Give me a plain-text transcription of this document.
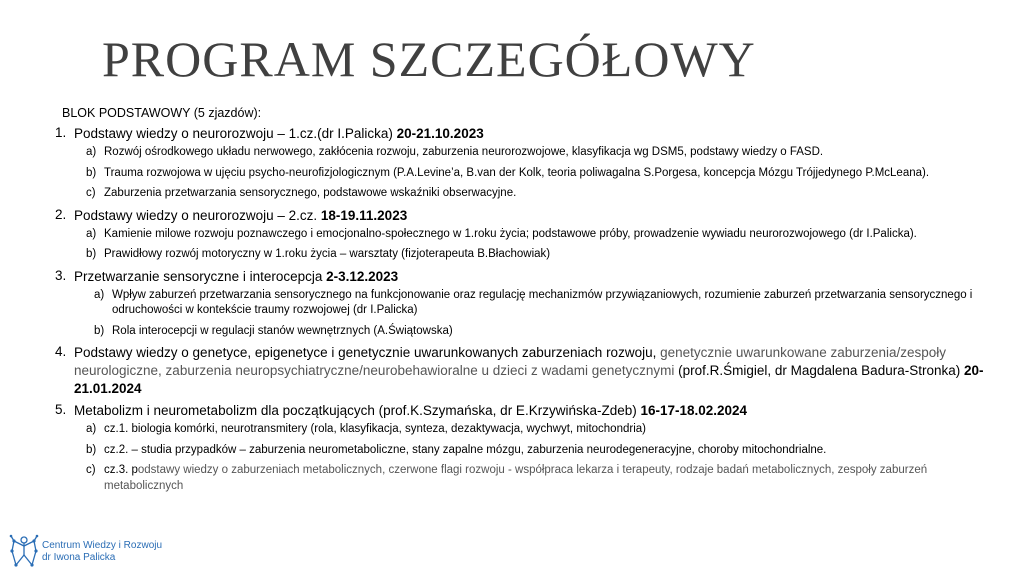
PROGRAM SZCZEGÓŁOWY
BLOK PODSTAWOWY (5 zjazdów):
1. Podstawy wiedzy o neurorozwoju – 1.cz.(dr I.Palicka) 20-21.10.2023
a) Rozwój ośrodkowego układu nerwowego, zakłócenia rozwoju, zaburzenia neurorozwojowe, klasyfikacja wg DSM5, podstawy wiedzy o FASD.
b) Trauma rozwojowa w ujęciu psycho-neurofizjologicznym (P.A.Levine’a, B.van der Kolk, teoria poliwagalna S.Porgesa, koncepcja Mózgu Trójjedynego P.McLeana).
c) Zaburzenia przetwarzania sensorycznego, podstawowe wskaźniki obserwacyjne.
2. Podstawy wiedzy o neurorozwoju – 2.cz. 18-19.11.2023
a) Kamienie milowe rozwoju poznawczego i emocjonalno-społecznego w 1.roku życia; podstawowe próby, prowadzenie wywiadu neurorozwojowego (dr I.Palicka).
b) Prawidłowy rozwój motoryczny w 1.roku życia – warsztaty (fizjoterapeuta B.Błachowiak)
3. Przetwarzanie sensoryczne i interocepcja 2-3.12.2023
a) Wpływ zaburzeń przetwarzania sensorycznego na funkcjonowanie oraz regulację mechanizmów przywiązaniowych, rozumienie zaburzeń przetwarzania sensorycznego i odruchowości w kontekście traumy rozwojowej (dr I.Palicka)
b) Rola interocepcji w regulacji stanów wewnętrznych (A.Świątowska)
4. Podstawy wiedzy o genetyce, epigenetyce i genetycznie uwarunkowanych zaburzeniach rozwoju, genetycznie uwarunkowane zaburzenia/zespoły neurologiczne, zaburzenia neuropsychiatryczne/neurobehawioralne u dzieci z wadami genetycznymi (prof.R.Śmigiel, dr Magdalena Badura-Stronka) 20-21.01.2024
5. Metabolizm i neurometabolizm dla początkujących (prof.K.Szymańska, dr E.Krzywińska-Zdeb) 16-17-18.02.2024
a) cz.1. biologia komórki, neurotransmitery (rola, klasyfikacja, synteza, dezaktywacja, wychwyt, mitochondria)
b) cz.2. – studia przypadków – zaburzenia neurometaboliczne, stany zapalne mózgu, zaburzenia neurodegeneracyjne, choroby mitochondrialne.
c) cz.3. podstawy wiedzy o zaburzeniach metabolicznych, czerwone flagi rozwoju - współpraca lekarza i terapeuty, rodzaje badań metabolicznych, zespoły zaburzeń metabolicznych
Centrum Wiedzy i Rozwoju
dr Iwona Palicka
